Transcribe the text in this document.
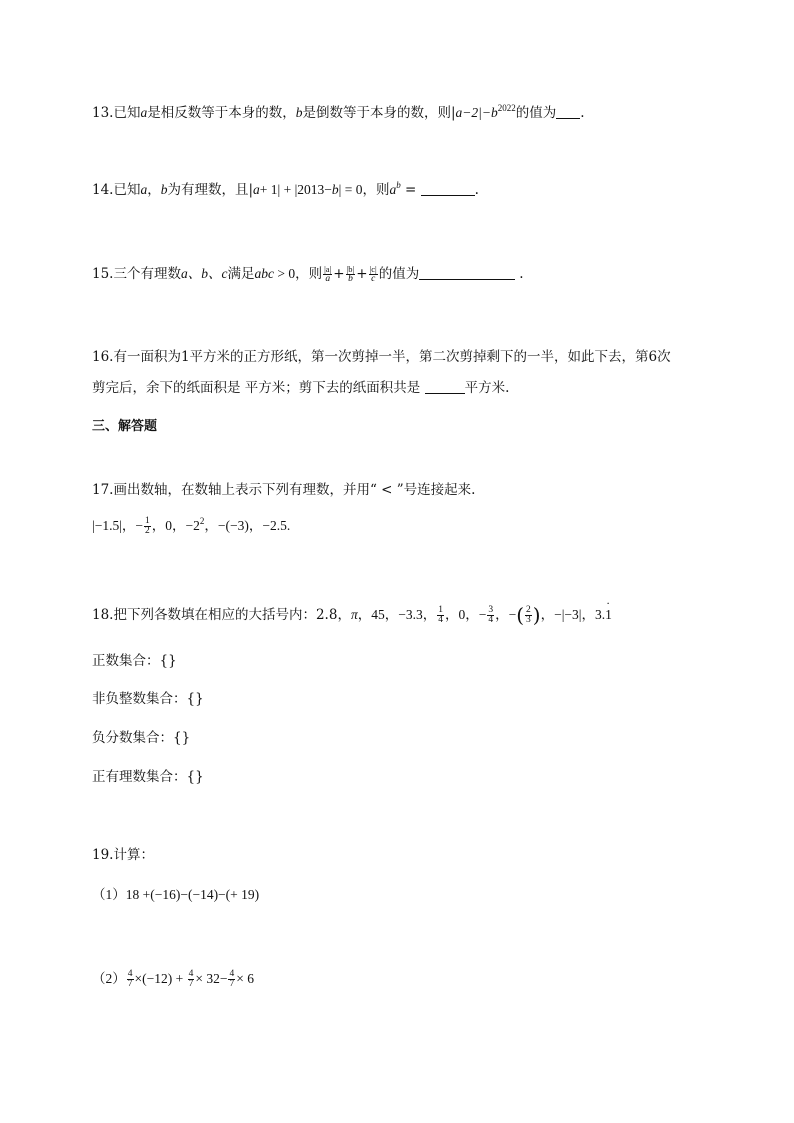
13.已知a是相反数等于本身的数，b是倒数等于本身的数，则$|a-2|-b^{2022}$的值为 .
14.已知a，b为有理数，且|a+ 1| + |2013−b| = 0，则$a^b$ =	.
15.三个有理数a、b、c满足abc > 0，则 $\frac{|a|}{a} + \frac{|b|}{b} + \frac{|c|}{c}$ 的值为	.
16.有一面积为1平方米的正方形纸，第一次剪掉一半，第二次剪掉剩下的一半，如此下去，第6次
剪完后，余下的纸面积是 平方米；剪下去的纸面积共是	平方米.
三、解答题
17.画出数轴，在数轴上表示下列有理数，并用“ < ”号连接起来.
|−1.5|，− $\frac{1}{2}$ ，0，$-2^2$，−(−3)，−2.5.
18.把下列各数填在相应的大括号内：2.8，π，45，−3.3， $\frac{1}{4}$ ，0，− $\frac{3}{4}$ ，−( $\frac{2}{3}$ )，−|−3|，3.1 ·
正数集合：{}
非负整数集合：{}
负分数集合：{}
正有理数集合：{}
19.计算：
（1）18 +(−16)−(−14)−(+ 19)
$(2) \frac{4}{7} \times(-12) + \frac{4}{7} \times 32- \frac{4}{7} \times 6$
